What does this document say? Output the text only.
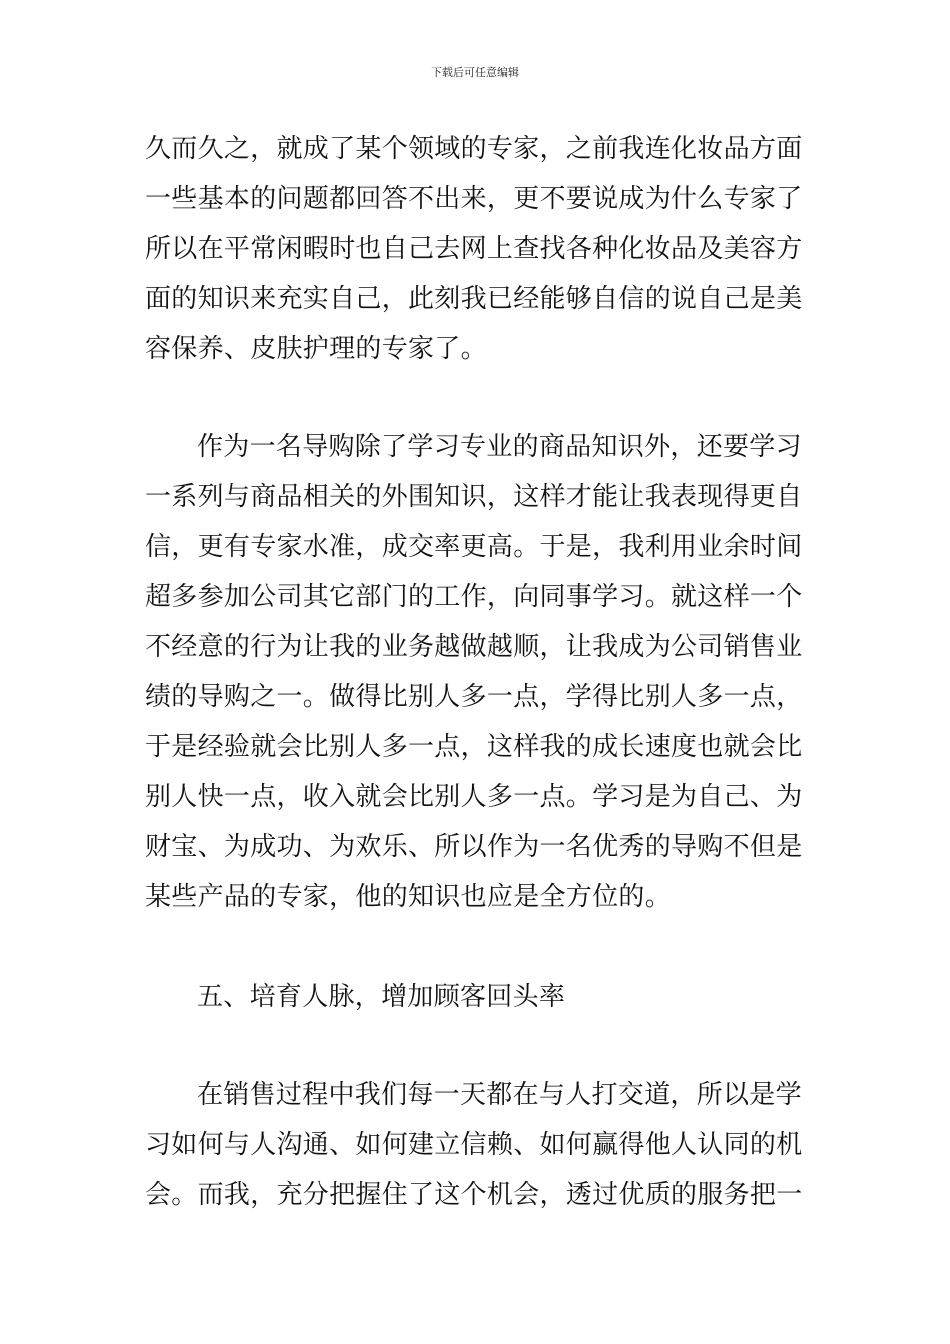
下载后可任意编辑
久而久之，就成了某个领域的专家，之前我连化妆品方面
一些基本的问题都回答不出来，更不要说成为什么专家了
所以在平常闲暇时也自己去网上查找各种化妆品及美容方
面的知识来充实自己，此刻我已经能够自信的说自己是美
容保养、皮肤护理的专家了。
作为一名导购除了学习专业的商品知识外，还要学习
一系列与商品相关的外围知识，这样才能让我表现得更自
信，更有专家水准，成交率更高。于是，我利用业余时间
超多参加公司其它部门的工作，向同事学习。就这样一个
不经意的行为让我的业务越做越顺，让我成为公司销售业
绩的导购之一。做得比别人多一点，学得比别人多一点，
于是经验就会比别人多一点，这样我的成长速度也就会比
别人快一点，收入就会比别人多一点。学习是为自己、为
财宝、为成功、为欢乐、所以作为一名优秀的导购不但是
某些产品的专家，他的知识也应是全方位的。
五、培育人脉，增加顾客回头率
在销售过程中我们每一天都在与人打交道，所以是学
习如何与人沟通、如何建立信赖、如何赢得他人认同的机
会。而我，充分把握住了这个机会，透过优质的服务把一
